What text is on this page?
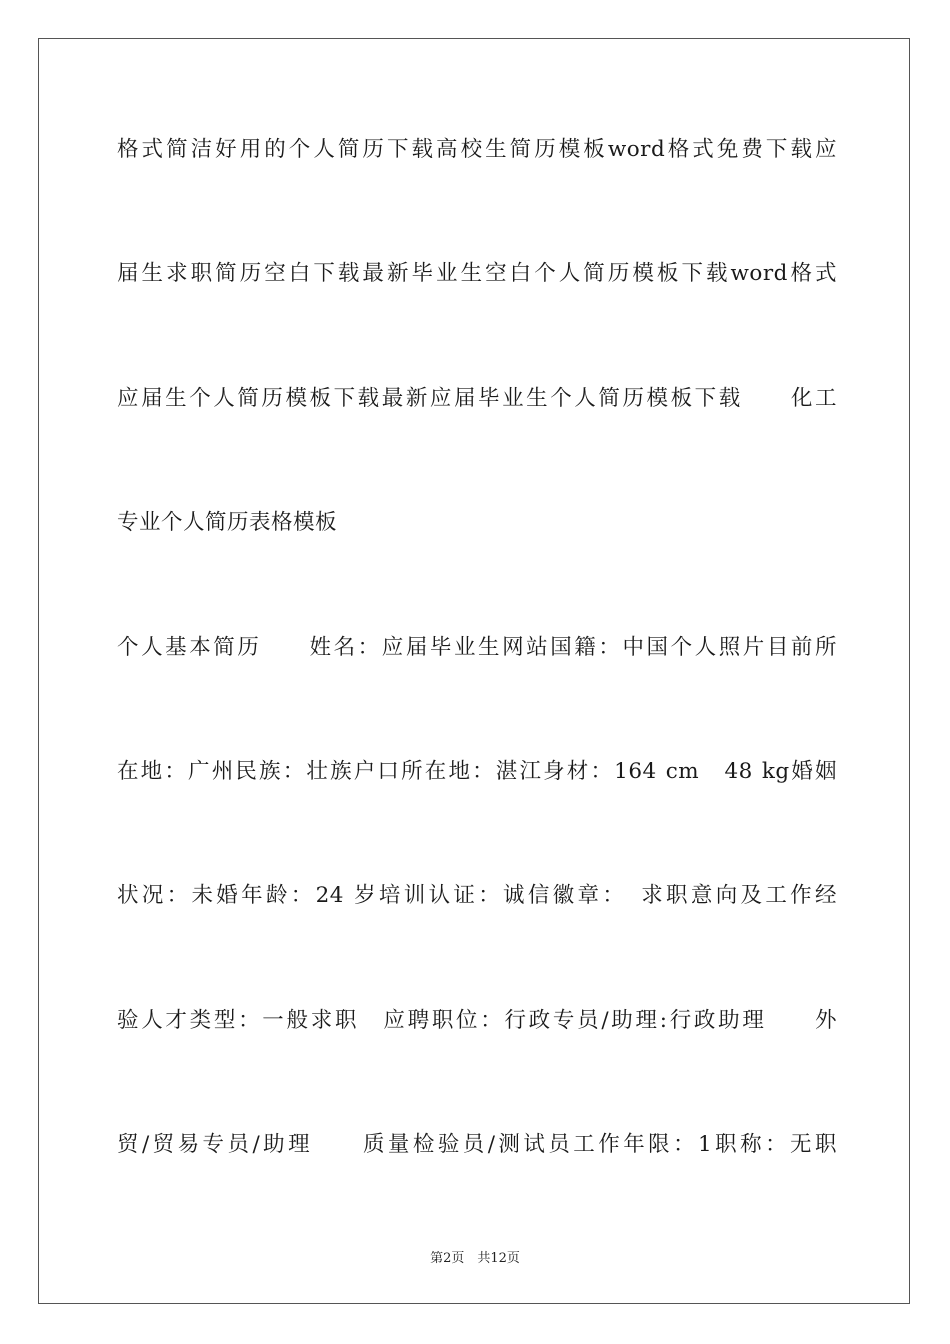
格式简洁好用的个人简历下载高校生简历模板word格式免费下载应
届生求职简历空白下载最新毕业生空白个人简历模板下载word格式
应届生个人简历模板下载最新应届毕业生个人简历模板下载　　化工
专业个人简历表格模板
个人基本简历　　姓名：应届毕业生网站国籍：中国个人照片目前所
在地：广州民族：壮族户口所在地：湛江身材：164 cm　48 kg婚姻
状况：未婚年龄：24 岁培训认证：诚信徽章：　求职意向及工作经
验人才类型：一般求职　应聘职位：行政专员/助理:行政助理　　外
贸/贸易专员/助理　　质量检验员/测试员工作年限：1职称：无职
第2页　共12页
